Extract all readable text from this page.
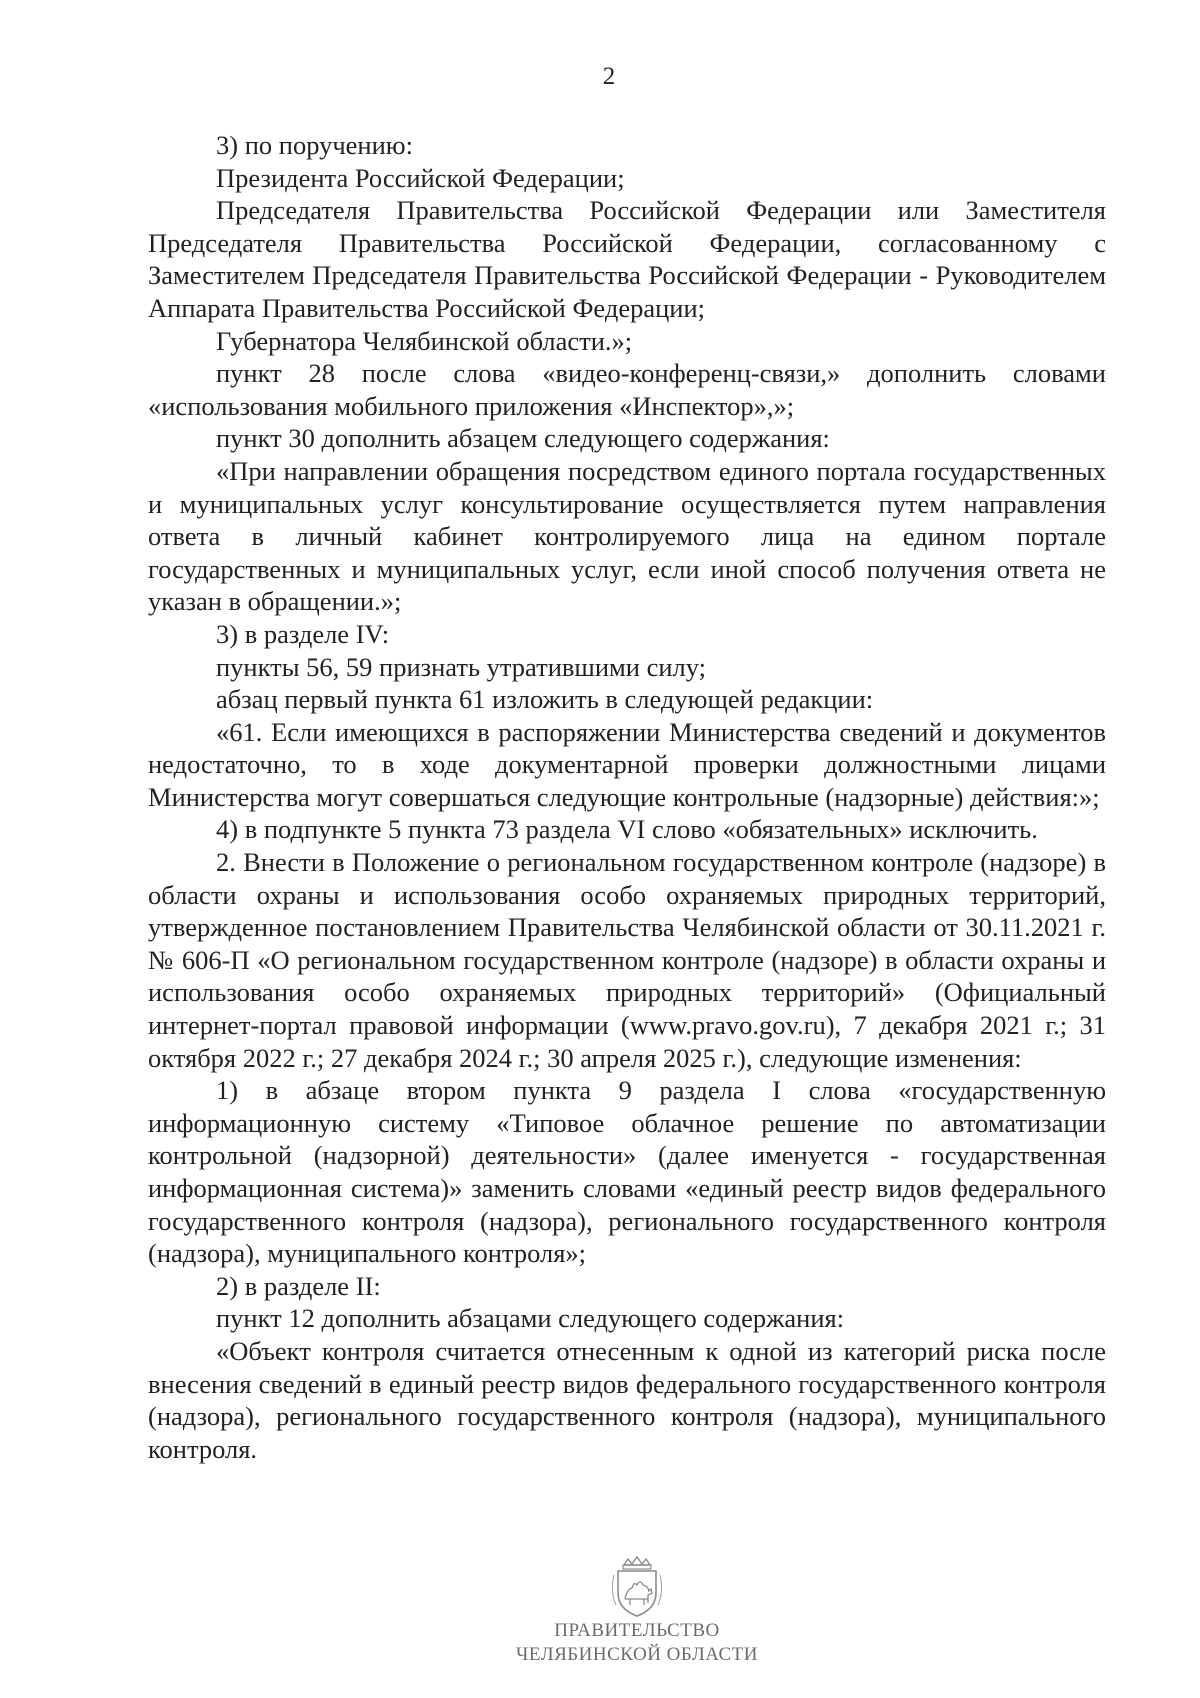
2

3) по поручению:

Президента Российской Федерации;

Председателя Правительства Российской Федерации или Заместителя Председателя Правительства Российской Федерации, согласованному с Заместителем Председателя Правительства Российской Федерации - Руководителем Аппарата Правительства Российской Федерации;

Губернатора Челябинской области.»;

пункт 28 после слова «видео-конференц-связи,» дополнить словами «использования мобильного приложения «Инспектор»,»;

пункт 30 дополнить абзацем следующего содержания:

«При направлении обращения посредством единого портала государственных и муниципальных услуг консультирование осуществляется путем направления ответа в личный кабинет контролируемого лица на едином портале государственных и муниципальных услуг, если иной способ получения ответа не указан в обращении.»;

3) в разделе IV:

пункты 56, 59 признать утратившими силу;

абзац первый пункта 61 изложить в следующей редакции:

«61. Если имеющихся в распоряжении Министерства сведений и документов недостаточно, то в ходе документарной проверки должностными лицами Министерства могут совершаться следующие контрольные (надзорные) действия:»;

4) в подпункте 5 пункта 73 раздела VI слово «обязательных» исключить.

2. Внести в Положение о региональном государственном контроле (надзоре) в области охраны и использования особо охраняемых природных территорий, утвержденное постановлением Правительства Челябинской области от 30.11.2021 г. № 606-П «О региональном государственном контроле (надзоре) в области охраны и использования особо охраняемых природных территорий» (Официальный интернет-портал правовой информации (www.pravo.gov.ru), 7 декабря 2021 г.; 31 октября 2022 г.; 27 декабря 2024 г.; 30 апреля 2025 г.), следующие изменения:

1) в абзаце втором пункта 9 раздела I слова «государственную информационную систему «Типовое облачное решение по автоматизации контрольной (надзорной) деятельности» (далее именуется - государственная информационная система)» заменить словами «единый реестр видов федерального государственного контроля (надзора), регионального государственного контроля (надзора), муниципального контроля»;

2) в разделе II:

пункт 12 дополнить абзацами следующего содержания:

«Объект контроля считается отнесенным к одной из категорий риска после внесения сведений в единый реестр видов федерального государственного контроля (надзора), регионального государственного контроля (надзора), муниципального контроля.

ПРАВИТЕЛЬСТВО
ЧЕЛЯБИНСКОЙ ОБЛАСТИ
